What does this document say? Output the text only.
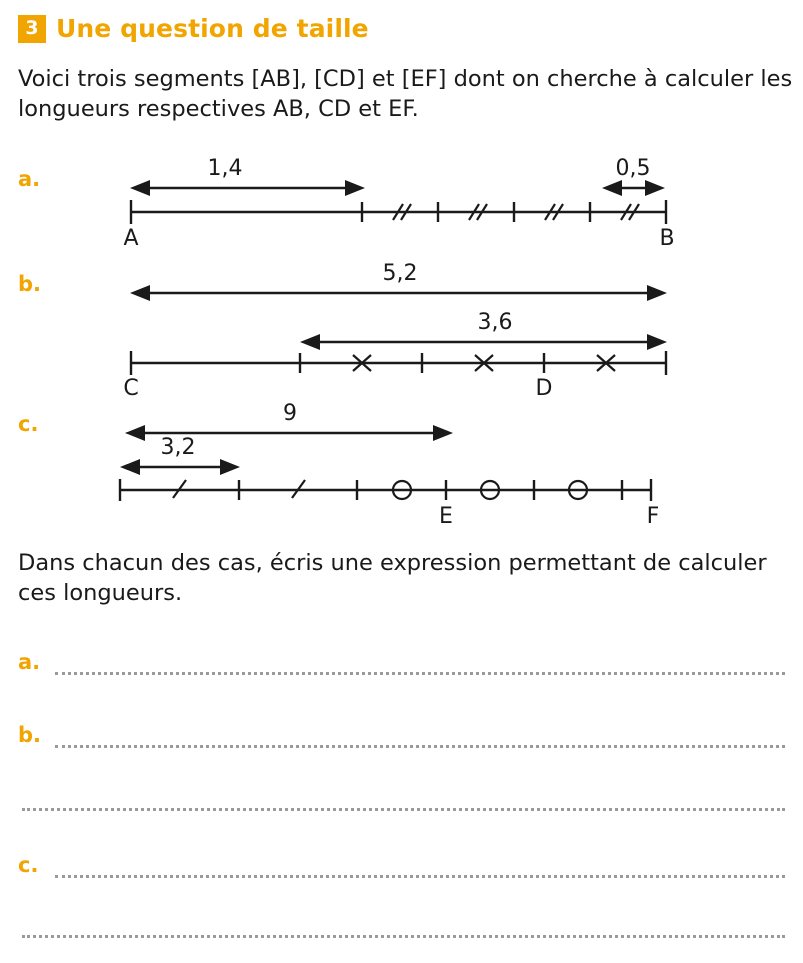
3 Une question de taille
Voici trois segments [AB], [CD] et [EF] dont on cherche à calculer les longueurs respectives AB, CD et EF.
a.	1,4	0,5
A	B
b.	5,2
3,6
C	D
c.	9
3,2
E	F
Dans chacun des cas, écris une expression permettant de calculer ces longueurs.
a.
b.
c.
